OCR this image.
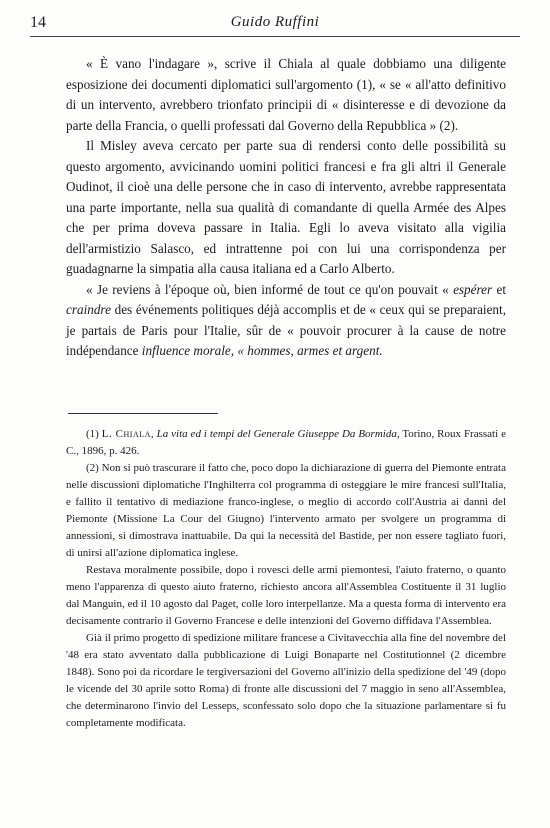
14	Guido Ruffini

« È vano l'indagare », scrive il Chiala al quale dobbiamo una diligente esposizione dei documenti diplomatici sull'argomento (1), « se « all'atto definitivo di un intervento, avrebbero trionfato principii di « disinteresse e di devozione da parte della Francia, o quelli professati dal Governo della Repubblica » (2).

Il Misley aveva cercato per parte sua di rendersi conto delle possibilità su questo argomento, avvicinando uomini politici francesi e fra gli altri il Generale Oudinot, il cioè una delle persone che in caso di intervento, avrebbe rappresentata una parte importante, nella sua qualità di comandante di quella Armée des Alpes che per prima doveva passare in Italia. Egli lo aveva visitato alla vigilia dell'armistizio Salasco, ed intrattenne poi con lui una corrispondenza per guadagnarne la simpatia alla causa italiana ed a Carlo Alberto.

« Je reviens à l'époque où, bien informé de tout ce qu'on pouvait « espérer et craindre des événements politiques déjà accomplis et de « ceux qui se preparaient, je partais de Paris pour l'Italie, sûr de « pouvoir procurer à la cause de notre indépendance influence morale, « hommes, armes et argent.

(1) L. Chiala, La vita ed i tempi del Generale Giuseppe Da Bormida, Torino, Roux Frassati e C., 1896, p. 426.

(2) Non si può trascurare il fatto che, poco dopo la dichiarazione di guerra del Piemonte entrata nelle discussioni diplomatiche l'Inghilterra col programma di osteggiare le mire francesi sull'Italia, e fallito il tentativo di mediazione franco-inglese, o meglio di accordo coll'Austria ai danni del Piemonte (Missione La Cour del Giugno) l'intervento armato per svolgere un programma di annessioni, si dimostrava inattuabile. Da qui la necessità del Bastide, per non essere tagliato fuori, di unirsi all'azione diplomatica inglese.

Restava moralmente possibile, dopo i rovesci delle armi piemontesi, l'aiuto fraterno, o quanto meno l'apparenza di questo aiuto fraterno, richiesto ancora all'Assemblea Costituente il 31 luglio dal Manguin, ed il 10 agosto dal Paget, colle loro interpellanze. Ma a questa forma di intervento era decisamente contrario il Governo Francese e delle intenzioni del Governo diffidava l'Assemblea.

Già il primo progetto di spedizione militare francese a Civitavecchia alla fine del novembre del '48 era stato avventato dalla pubblicazione di Luigi Bonaparte nel Costitutionnel (2 dicembre 1848). Sono poi da ricordare le tergiversazioni del Governo all'inizio della spedizione del '49 (dopo le vicende del 30 aprile sotto Roma) di fronte alle discussioni del 7 maggio in seno all'Assemblea, che determinarono l'invio del Lesseps, sconfessato solo dopo che la situazione parlamentare si fu completamente modificata.
